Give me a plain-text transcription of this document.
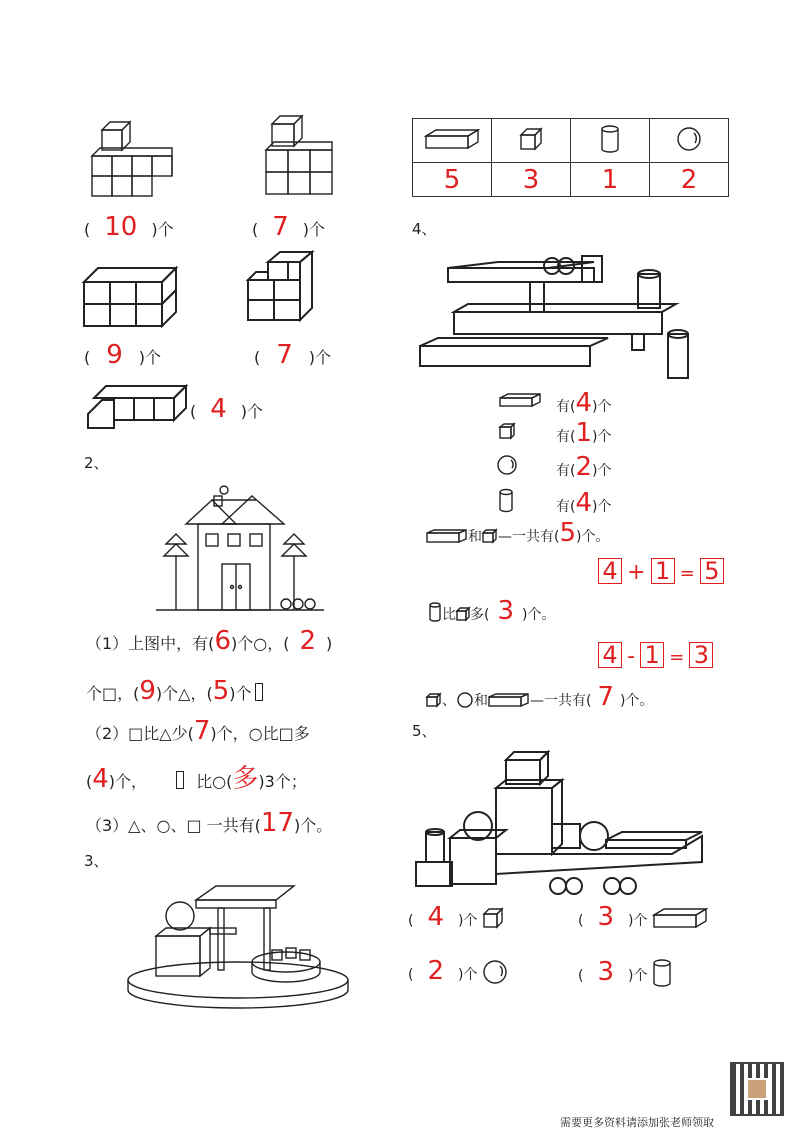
( 10 )个	( 7 )个
( 9 )个	( 7 )个
( 4 )个
2、
（1）上图中，有(6)个○，( 2 )
个□，(9)个△，(5)个
（2）□比△少(7)个，○比□多
(4)个，	比○(多)3个；
（3）△、○、□ 一共有(17)个。
3、

5	3	1	2
4、
有(4)个
有(1)个
有(2)个
有(4)个
和 —一共有(5)个。
4 + 1 = 5
比 多( 3 )个。
4 - 1 = 3
、 和	—一共有( 7 )个。
5、
( 4 )个	( 3 )个
( 2 )个	( 3 )个
需要更多资料请添加张老师领取
